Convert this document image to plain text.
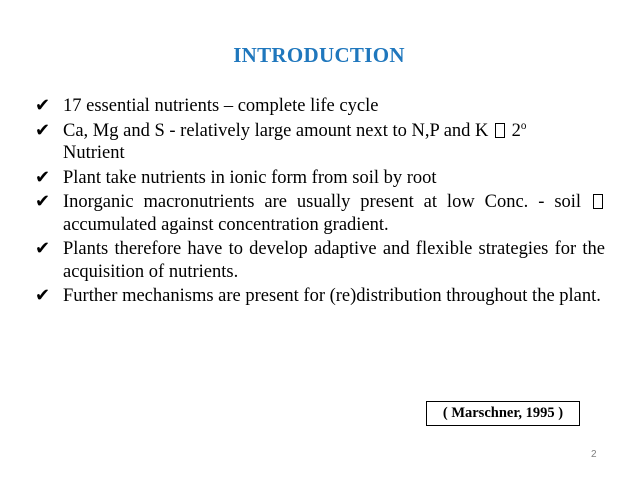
INTRODUCTION
✔ 17 essential nutrients – complete life cycle
✔ Ca, Mg and S - relatively large amount next to N,P and K  2$^o$
Nutrient
✔ Plant take nutrients in ionic form from soil by root
✔ Inorganic macronutrients are usually present at low Conc. - soil  accumulated against concentration gradient.
✔ Plants therefore have to develop adaptive and flexible strategies for the acquisition of nutrients.
✔ Further mechanisms are present for (re)distribution throughout the plant.
( Marschner, 1995 )
2
